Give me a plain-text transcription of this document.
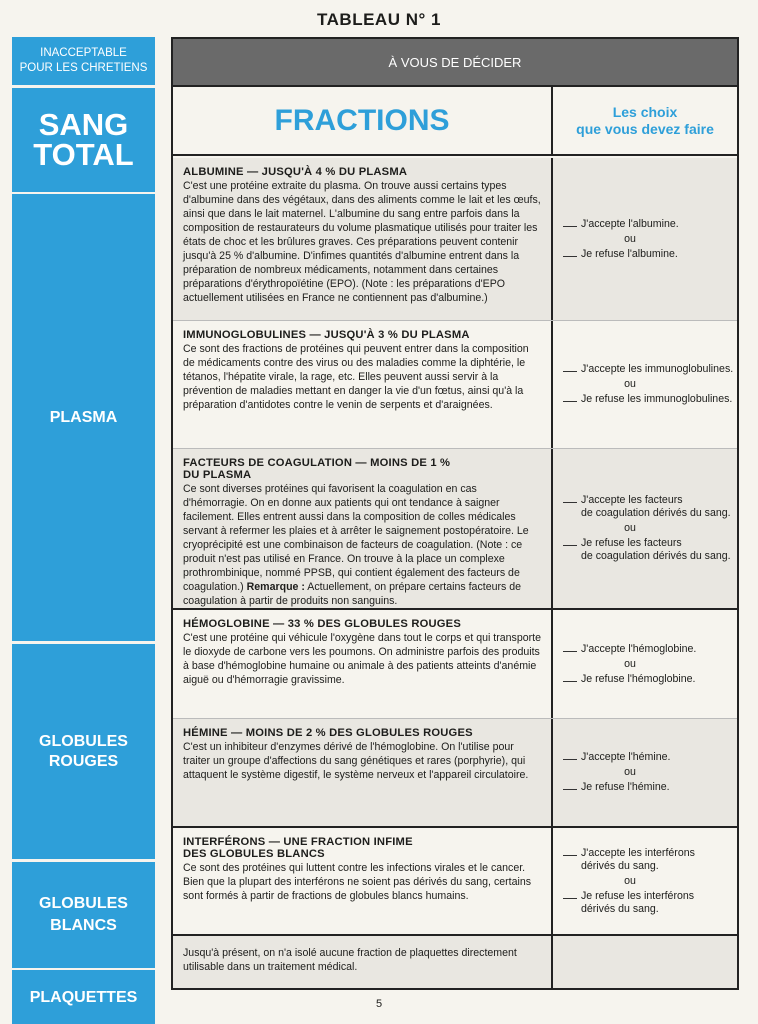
TABLEAU N° 1
INACCEPTABLE
POUR LES CHRETIENS
SANG
TOTAL
PLASMA
GLOBULES
ROUGES
GLOBULES
BLANCS
PLAQUETTES
À VOUS DE DÉCIDER
FRACTIONS	Les choix
que vous devez faire
ALBUMINE — JUSQU'À 4 % DU PLASMA

C'est une protéine extraite du plasma. On trouve aussi certains types d'albumine dans des végétaux, dans des aliments comme le lait et les œufs, ainsi que dans le lait maternel. L'albumine du sang entre parfois dans la composition de restaurateurs du volume plasmatique utilisés pour traiter les états de choc et les brûlures graves. Ces préparations peuvent contenir jusqu'à 25 % d'albumine. D'infimes quantités d'albumine entrent dans la préparation de nombreux médicaments, notamment dans certaines préparations d'érythropoïétine (EPO). (Note : les préparations d'EPO actuellement utilisées en France ne contiennent pas d'albumine.)

J'accepte l'albumine.
ou
Je refuse l'albumine.
IMMUNOGLOBULINES — JUSQU'À 3 % DU PLASMA

Ce sont des fractions de protéines qui peuvent entrer dans la composition de médicaments contre des virus ou des maladies comme la diphtérie, le tétanos, l'hépatite virale, la rage, etc. Elles peuvent aussi servir à la prévention de maladies mettant en danger la vie d'un fœtus, ainsi qu'à la préparation d'antidotes contre le venin de serpents et d'araignées.

J'accepte les immunoglobulines.
ou
Je refuse les immunoglobulines.
FACTEURS DE COAGULATION — MOINS DE 1 %
DU PLASMA

Ce sont diverses protéines qui favorisent la coagulation en cas d'hémorragie. On en donne aux patients qui ont tendance à saigner facilement. Elles entrent aussi dans la composition de colles médicales servant à refermer les plaies et à arrêter le saignement postopératoire. Le cryoprécipité est une combinaison de facteurs de coagulation. (Note : ce produit n'est pas utilisé en France. On trouve à la place un complexe prothrombinique, nommé PPSB, qui contient également des facteurs de coagulation.) Remarque : Actuellement, on prépare certains facteurs de coagulation à partir de produits non sanguins.

J'accepte les facteurs
de coagulation dérivés du sang.
ou
Je refuse les facteurs
de coagulation dérivés du sang.
HÉMOGLOBINE — 33 % DES GLOBULES ROUGES

C'est une protéine qui véhicule l'oxygène dans tout le corps et qui transporte le dioxyde de carbone vers les poumons. On administre parfois des produits à base d'hémoglobine humaine ou animale à des patients atteints d'anémie aiguë ou d'hémorragie gravissime.

J'accepte l'hémoglobine.
ou
Je refuse l'hémoglobine.
HÉMINE — MOINS DE 2 % DES GLOBULES ROUGES

C'est un inhibiteur d'enzymes dérivé de l'hémoglobine. On l'utilise pour traiter un groupe d'affections du sang génétiques et rares (porphyrie), qui attaquent le système digestif, le système nerveux et l'appareil circulatoire.

J'accepte l'hémine.
ou
Je refuse l'hémine.
INTERFÉRONS — UNE FRACTION INFIME
DES GLOBULES BLANCS

Ce sont des protéines qui luttent contre les infections virales et le cancer. Bien que la plupart des interférons ne soient pas dérivés du sang, certains sont formés à partir de fractions de globules blancs humains.

J'accepte les interférons
dérivés du sang.
ou
Je refuse les interférons
dérivés du sang.

Jusqu'à présent, on n'a isolé aucune fraction de plaquettes directement utilisable dans un traitement médical.

5
